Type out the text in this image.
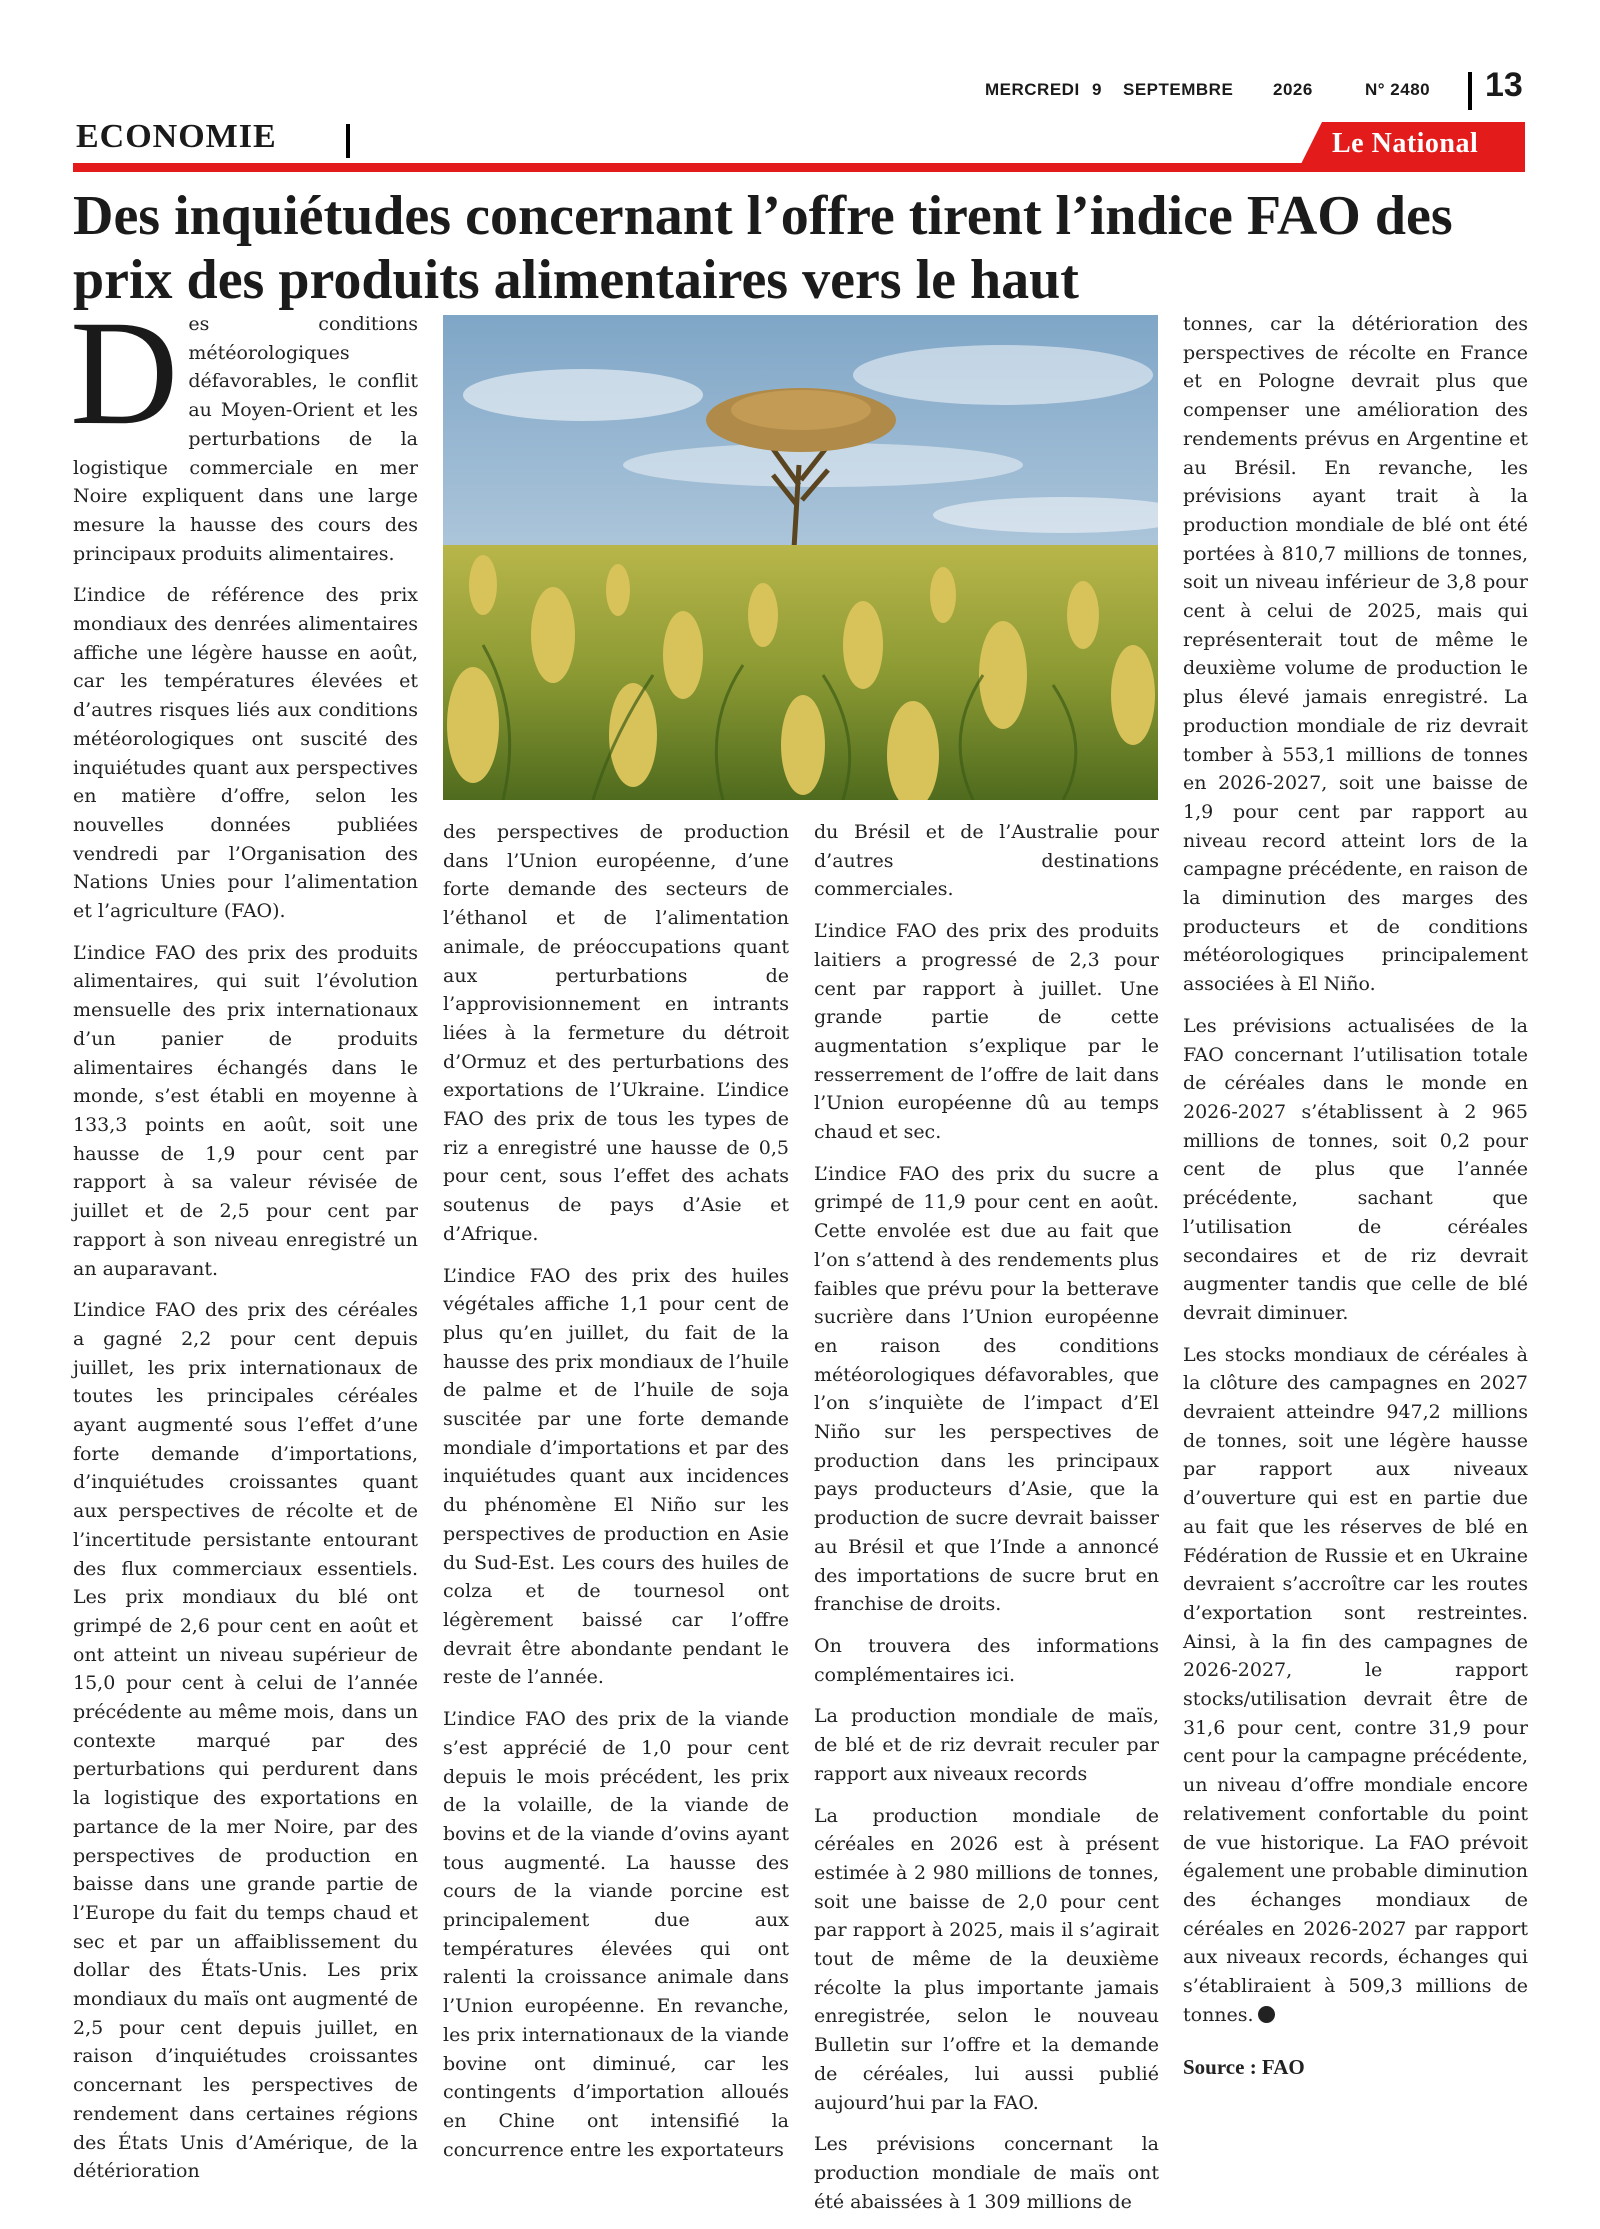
MERCREDI 9 SEPTEMBRE 2026	N° 2480 13
ECONOMIE	Le National
Des inquiétudes concernant l’offre tirent l’indice FAO des prix des produits alimentaires vers le haut

Des conditions météorologiques défavorables, le conflit au Moyen-Orient et les perturbations de la logistique commerciale en mer Noire expliquent dans une large mesure la hausse des cours des principaux produits alimentaires.

L’indice de référence des prix mondiaux des denrées alimentaires affiche une légère hausse en août, car les températures élevées et d’autres risques liés aux conditions météorologiques ont suscité des inquiétudes quant aux perspectives en matière d’offre, selon les nouvelles données publiées vendredi par l’Organisation des Nations Unies pour l’alimentation et l’agriculture (FAO).

L’indice FAO des prix des produits alimentaires, qui suit l’évolution mensuelle des prix internationaux d’un panier de produits alimentaires échangés dans le monde, s’est établi en moyenne à 133,3 points en août, soit une hausse de 1,9 pour cent par rapport à sa valeur révisée de juillet et de 2,5 pour cent par rapport à son niveau enregistré un an auparavant.

L’indice FAO des prix des céréales a gagné 2,2 pour cent depuis juillet, les prix internationaux de toutes les principales céréales ayant augmenté sous l’effet d’une forte demande d’importations, d’inquiétudes croissantes quant aux perspectives de récolte et de l’incertitude persistante entourant des flux commerciaux essentiels. Les prix mondiaux du blé ont grimpé de 2,6 pour cent en août et ont atteint un niveau supérieur de 15,0 pour cent à celui de l’année précédente au même mois, dans un contexte marqué par des perturbations qui perdurent dans la logistique des exportations en partance de la mer Noire, par des perspectives de production en baisse dans une grande partie de l’Europe du fait du temps chaud et sec et par un affaiblissement du dollar des États-Unis. Les prix mondiaux du maïs ont augmenté de 2,5 pour cent depuis juillet, en raison d’inquiétudes croissantes concernant les perspectives de rendement dans certaines régions des États Unis d’Amérique, de la détérioration

des perspectives de production dans l’Union européenne, d’une forte demande des secteurs de l’éthanol et de l’alimentation animale, de préoccupations quant aux perturbations de l’approvisionnement en intrants liées à la fermeture du détroit d’Ormuz et des perturbations des exportations de l’Ukraine. L’indice FAO des prix de tous les types de riz a enregistré une hausse de 0,5 pour cent, sous l’effet des achats soutenus de pays d’Asie et d’Afrique.

L’indice FAO des prix des huiles végétales affiche 1,1 pour cent de plus qu’en juillet, du fait de la hausse des prix mondiaux de l’huile de palme et de l’huile de soja suscitée par une forte demande mondiale d’importations et par des inquiétudes quant aux incidences du phénomène El Niño sur les perspectives de production en Asie du Sud-Est. Les cours des huiles de colza et de tournesol ont légèrement baissé car l’offre devrait être abondante pendant le reste de l’année.

L’indice FAO des prix de la viande s’est apprécié de 1,0 pour cent depuis le mois précédent, les prix de la volaille, de la viande de bovins et de la viande d’ovins ayant tous augmenté. La hausse des cours de la viande porcine est principalement due aux températures élevées qui ont ralenti la croissance animale dans l’Union européenne. En revanche, les prix internationaux de la viande bovine ont diminué, car les contingents d’importation alloués en Chine ont intensifié la concurrence entre les exportateurs

du Brésil et de l’Australie pour d’autres destinations commerciales.

L’indice FAO des prix des produits laitiers a progressé de 2,3 pour cent par rapport à juillet. Une grande partie de cette augmentation s’explique par le resserrement de l’offre de lait dans l’Union européenne dû au temps chaud et sec.

L’indice FAO des prix du sucre a grimpé de 11,9 pour cent en août. Cette envolée est due au fait que l’on s’attend à des rendements plus faibles que prévu pour la betterave sucrière dans l’Union européenne en raison des conditions météorologiques défavorables, que l’on s’inquiète de l’impact d’El Niño sur les perspectives de production dans les principaux pays producteurs d’Asie, que la production de sucre devrait baisser au Brésil et que l’Inde a annoncé des importations de sucre brut en franchise de droits.

On trouvera des informations complémentaires ici.

La production mondiale de maïs, de blé et de riz devrait reculer par rapport aux niveaux records

La production mondiale de céréales en 2026 est à présent estimée à 2 980 millions de tonnes, soit une baisse de 2,0 pour cent par rapport à 2025, mais il s’agirait tout de même de la deuxième récolte la plus importante jamais enregistrée, selon le nouveau Bulletin sur l’offre et la demande de céréales, lui aussi publié aujourd’hui par la FAO.

Les prévisions concernant la production mondiale de maïs ont été abaissées à 1 309 millions de

tonnes, car la détérioration des perspectives de récolte en France et en Pologne devrait plus que compenser une amélioration des rendements prévus en Argentine et au Brésil. En revanche, les prévisions ayant trait à la production mondiale de blé ont été portées à 810,7 millions de tonnes, soit un niveau inférieur de 3,8 pour cent à celui de 2025, mais qui représenterait tout de même le deuxième volume de production le plus élevé jamais enregistré. La production mondiale de riz devrait tomber à 553,1 millions de tonnes en 2026-2027, soit une baisse de 1,9 pour cent par rapport au niveau record atteint lors de la campagne précédente, en raison de la diminution des marges des producteurs et de conditions météorologiques principalement associées à El Niño.

Les prévisions actualisées de la FAO concernant l’utilisation totale de céréales dans le monde en 2026-2027 s’établissent à 2 965 millions de tonnes, soit 0,2 pour cent de plus que l’année précédente, sachant que l’utilisation de céréales secondaires et de riz devrait augmenter tandis que celle de blé devrait diminuer.

Les stocks mondiaux de céréales à la clôture des campagnes en 2027 devraient atteindre 947,2 millions de tonnes, soit une légère hausse par rapport aux niveaux d’ouverture qui est en partie due au fait que les réserves de blé en Fédération de Russie et en Ukraine devraient s’accroître car les routes d’exportation sont restreintes. Ainsi, à la fin des campagnes de 2026-2027, le rapport stocks/utilisation devrait être de 31,6 pour cent, contre 31,9 pour cent pour la campagne précédente, un niveau d’offre mondiale encore relativement confortable du point de vue historique. La FAO prévoit également une probable diminution des échanges mondiaux de céréales en 2026-2027 par rapport aux niveaux records, échanges qui s’établiraient à 509,3 millions de tonnes.

Source : FAO
